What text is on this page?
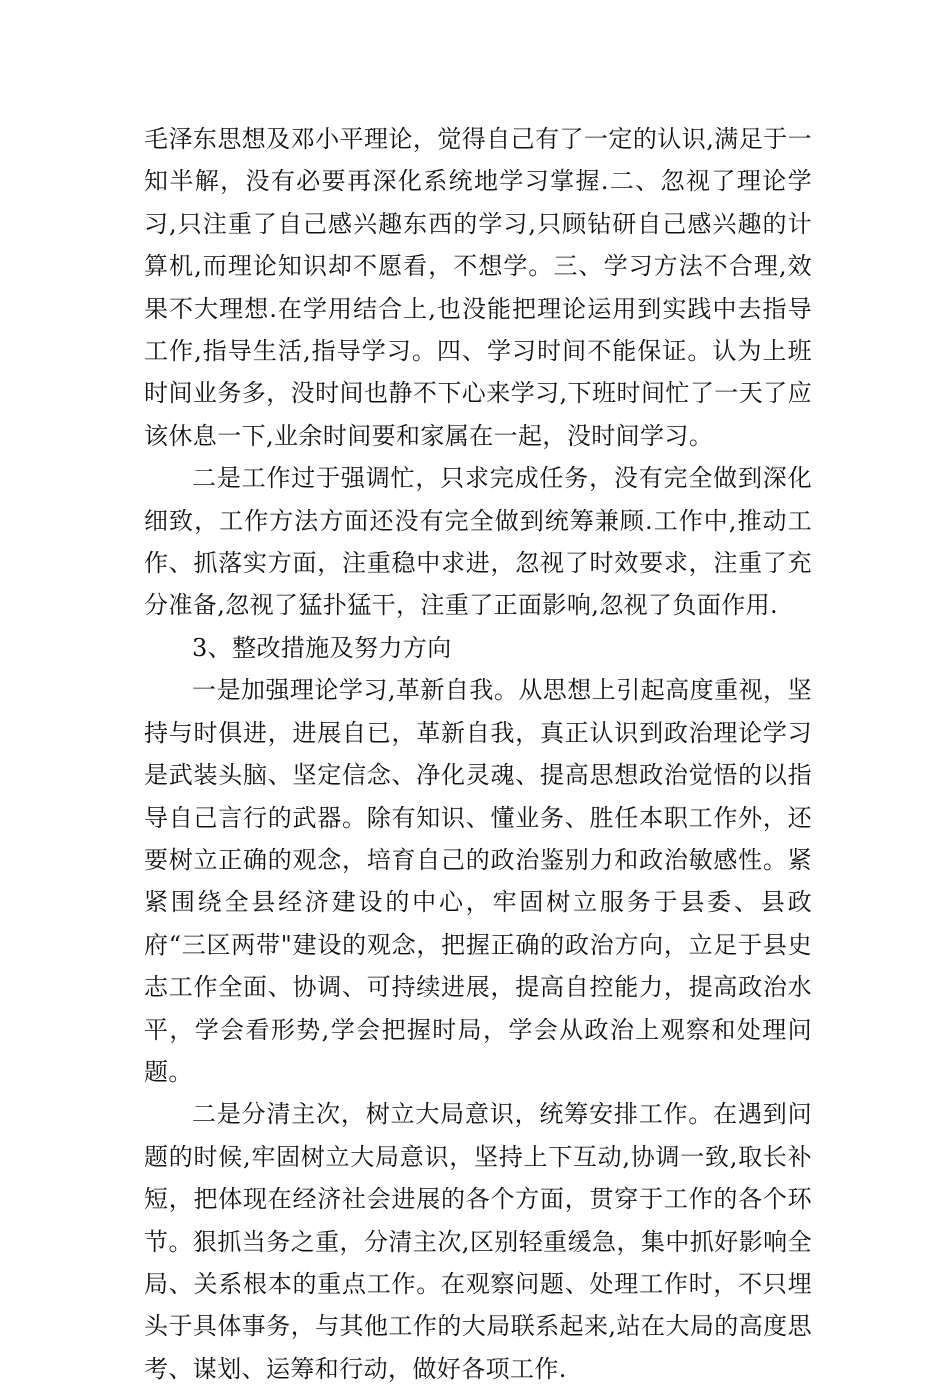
毛泽东思想及邓小平理论，觉得自己有了一定的认识,满足于一知半解，没有必要再深化系统地学习掌握.二、忽视了理论学习,只注重了自己感兴趣东西的学习,只顾钻研自己感兴趣的计算机,而理论知识却不愿看，不想学。三、学习方法不合理,效果不大理想.在学用结合上,也没能把理论运用到实践中去指导工作,指导生活,指导学习。四、学习时间不能保证。认为上班时间业务多，没时间也静不下心来学习,下班时间忙了一天了应该休息一下,业余时间要和家属在一起，没时间学习。

二是工作过于强调忙，只求完成任务，没有完全做到深化细致，工作方法方面还没有完全做到统筹兼顾.工作中,推动工作、抓落实方面，注重稳中求进，忽视了时效要求，注重了充分准备,忽视了猛扑猛干，注重了正面影响,忽视了负面作用.

3、整改措施及努力方向

一是加强理论学习,革新自我。从思想上引起高度重视，坚持与时俱进，进展自已，革新自我，真正认识到政治理论学习是武装头脑、坚定信念、净化灵魂、提高思想政治觉悟的以指导自己言行的武器。除有知识、懂业务、胜任本职工作外，还要树立正确的观念，培育自己的政治鉴别力和政治敏感性。紧紧围绕全县经济建设的中心，牢固树立服务于县委、县政府“三区两带"建设的观念，把握正确的政治方向，立足于县史志工作全面、协调、可持续进展，提高自控能力，提高政治水平，学会看形势,学会把握时局，学会从政治上观察和处理问题。

二是分清主次，树立大局意识，统筹安排工作。在遇到问题的时候,牢固树立大局意识，坚持上下互动,协调一致,取长补短，把体现在经济社会进展的各个方面，贯穿于工作的各个环节。狠抓当务之重，分清主次,区别轻重缓急，集中抓好影响全局、关系根本的重点工作。在观察问题、处理工作时，不只埋头于具体事务，与其他工作的大局联系起来,站在大局的高度思考、谋划、运筹和行动，做好各项工作.
